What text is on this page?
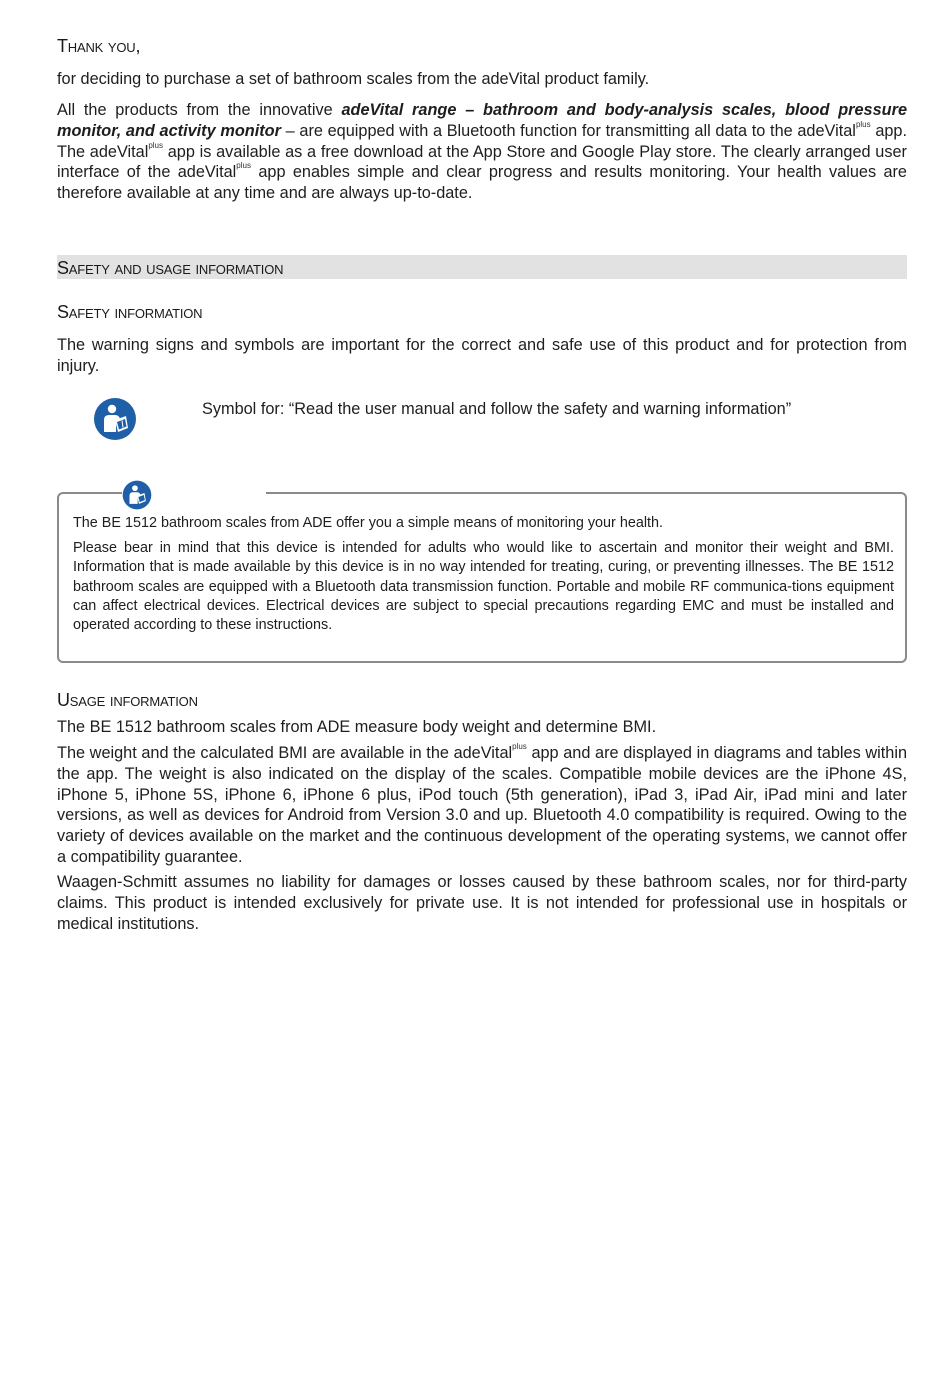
Thank you,

for deciding to purchase a set of bathroom scales from the adeVital product family.

All the products from the innovative adeVital range – bathroom and body-analysis scales, blood pressure monitor, and activity monitor – are equipped with a Bluetooth function for transmitting all data to the adeVital$^{plus}$ app. The adeVital$^{plus}$ app is available as a free download at the App Store and Google Play store. The clearly arranged user interface of the adeVital$^{plus}$ app enables simple and clear progress and results monitoring. Your health values are therefore available at any time and are always up-to-date.

Safety and usage information
Safety information

The warning signs and symbols are important for the correct and safe use of this product and for protection from injury.

Symbol for: “Read the user manual and follow the safety and warning information”

The BE 1512 bathroom scales from ADE offer you a simple means of monitoring your health.

Please bear in mind that this device is intended for adults who would like to ascertain and monitor their weight and BMI. Information that is made available by this device is in no way intended for treating, curing, or preventing illnesses. The BE 1512 bathroom scales are equipped with a Bluetooth data transmission function. Portable and mobile RF communica-tions equipment can affect electrical devices. Electrical devices are subject to special precautions regarding EMC and must be installed and operated according to these instructions.

Usage information

The BE 1512 bathroom scales from ADE measure body weight and determine BMI.

The weight and the calculated BMI are available in the adeVital$^{plus}$ app and are displayed in diagrams and tables within the app. The weight is also indicated on the display of the scales. Compatible mobile devices are the iPhone 4S, iPhone 5, iPhone 5S, iPhone 6, iPhone 6 plus, iPod touch (5th generation), iPad 3, iPad Air, iPad mini and later versions, as well as devices for Android from Version 3.0 and up. Bluetooth 4.0 compatibility is required. Owing to the variety of devices available on the market and the continuous development of the operating systems, we cannot offer a compatibility guarantee.

Waagen-Schmitt assumes no liability for damages or losses caused by these bathroom scales, nor for third-party claims. This product is intended exclusively for private use. It is not intended for professional use in hospitals or medical institutions.
